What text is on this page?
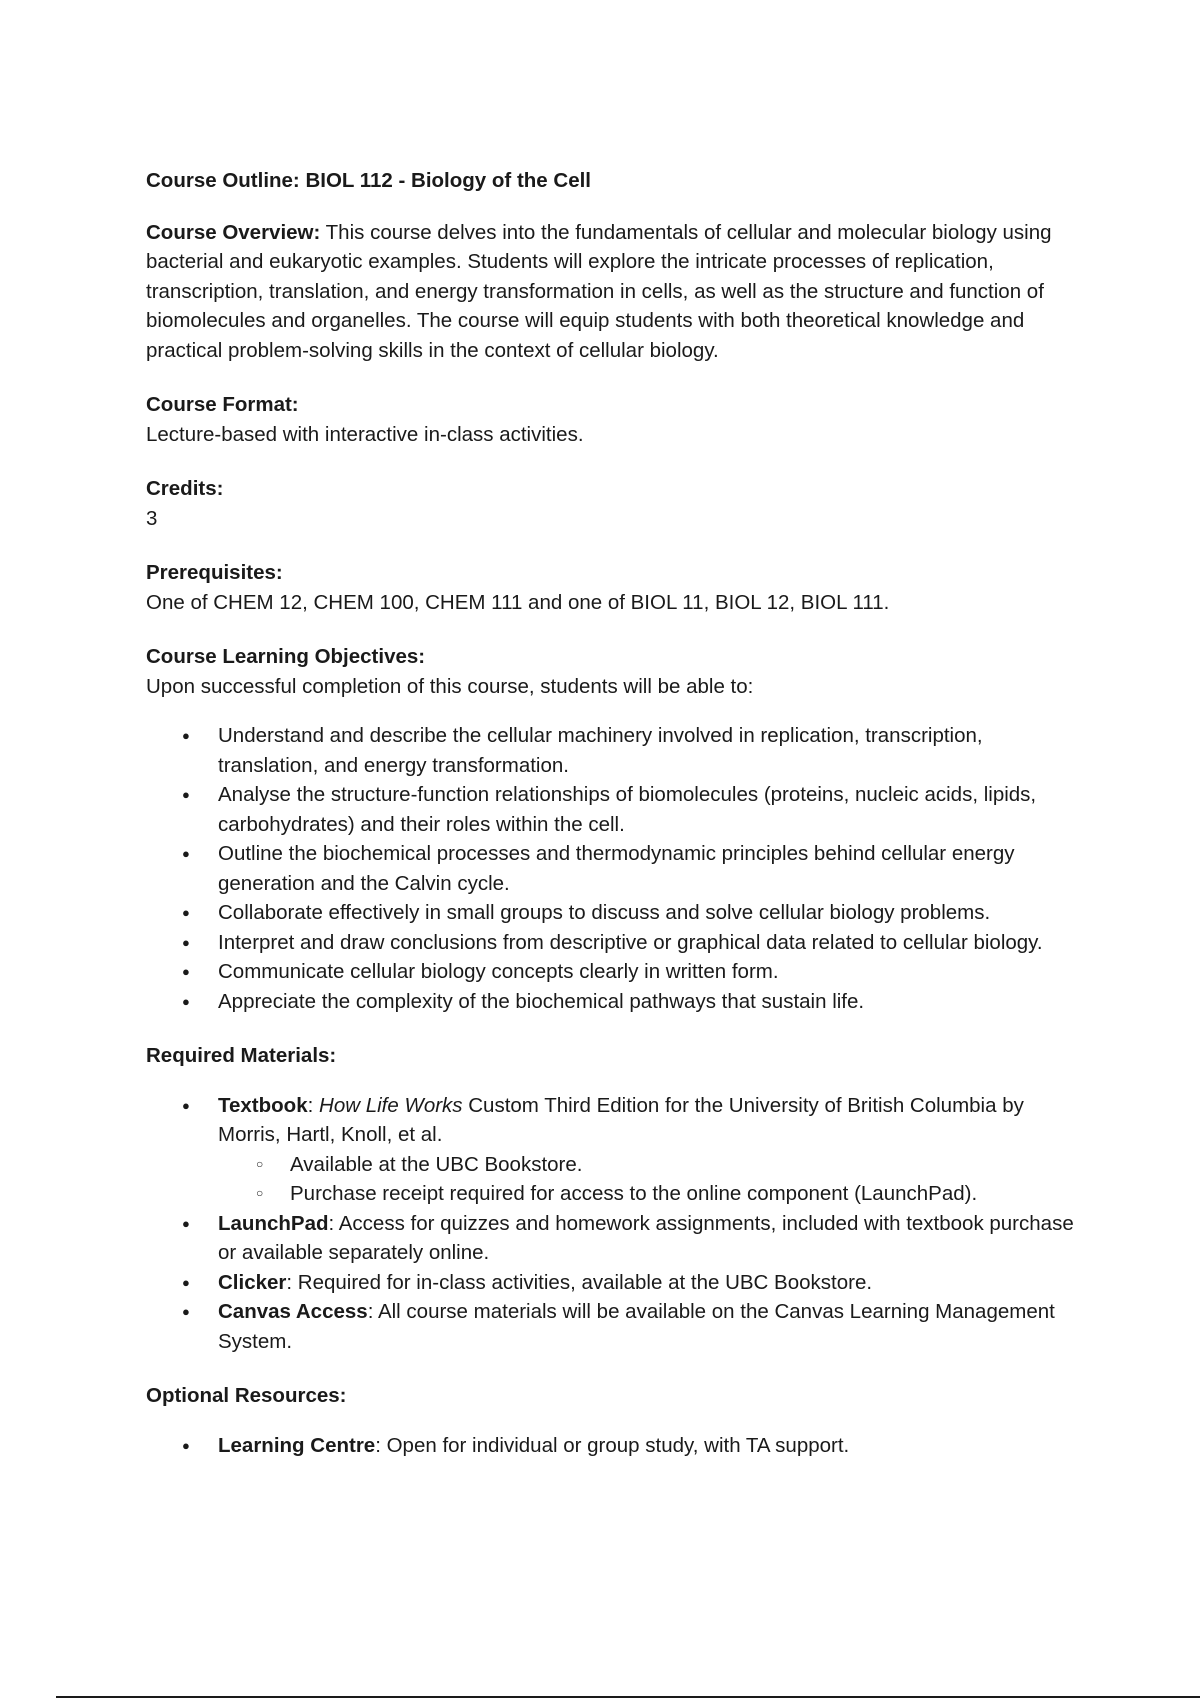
Course Outline: BIOL 112 - Biology of the Cell
Course Overview: This course delves into the fundamentals of cellular and molecular biology using bacterial and eukaryotic examples. Students will explore the intricate processes of replication, transcription, translation, and energy transformation in cells, as well as the structure and function of biomolecules and organelles. The course will equip students with both theoretical knowledge and practical problem-solving skills in the context of cellular biology.
Course Format:
Lecture-based with interactive in-class activities.
Credits:
3
Prerequisites:
One of CHEM 12, CHEM 100, CHEM 111 and one of BIOL 11, BIOL 12, BIOL 111.
Course Learning Objectives:
Upon successful completion of this course, students will be able to:
● Understand and describe the cellular machinery involved in replication, transcription, translation, and energy transformation.
● Analyse the structure-function relationships of biomolecules (proteins, nucleic acids, lipids, carbohydrates) and their roles within the cell.
● Outline the biochemical processes and thermodynamic principles behind cellular energy generation and the Calvin cycle.
● Collaborate effectively in small groups to discuss and solve cellular biology problems.
● Interpret and draw conclusions from descriptive or graphical data related to cellular biology.
● Communicate cellular biology concepts clearly in written form.
● Appreciate the complexity of the biochemical pathways that sustain life.
Required Materials:
● Textbook: How Life Works Custom Third Edition for the University of British Columbia by Morris, Hartl, Knoll, et al.
○ Available at the UBC Bookstore.
○ Purchase receipt required for access to the online component (LaunchPad).
● LaunchPad: Access for quizzes and homework assignments, included with textbook purchase or available separately online.
● Clicker: Required for in-class activities, available at the UBC Bookstore.
● Canvas Access: All course materials will be available on the Canvas Learning Management System.
Optional Resources:
● Learning Centre: Open for individual or group study, with TA support.
